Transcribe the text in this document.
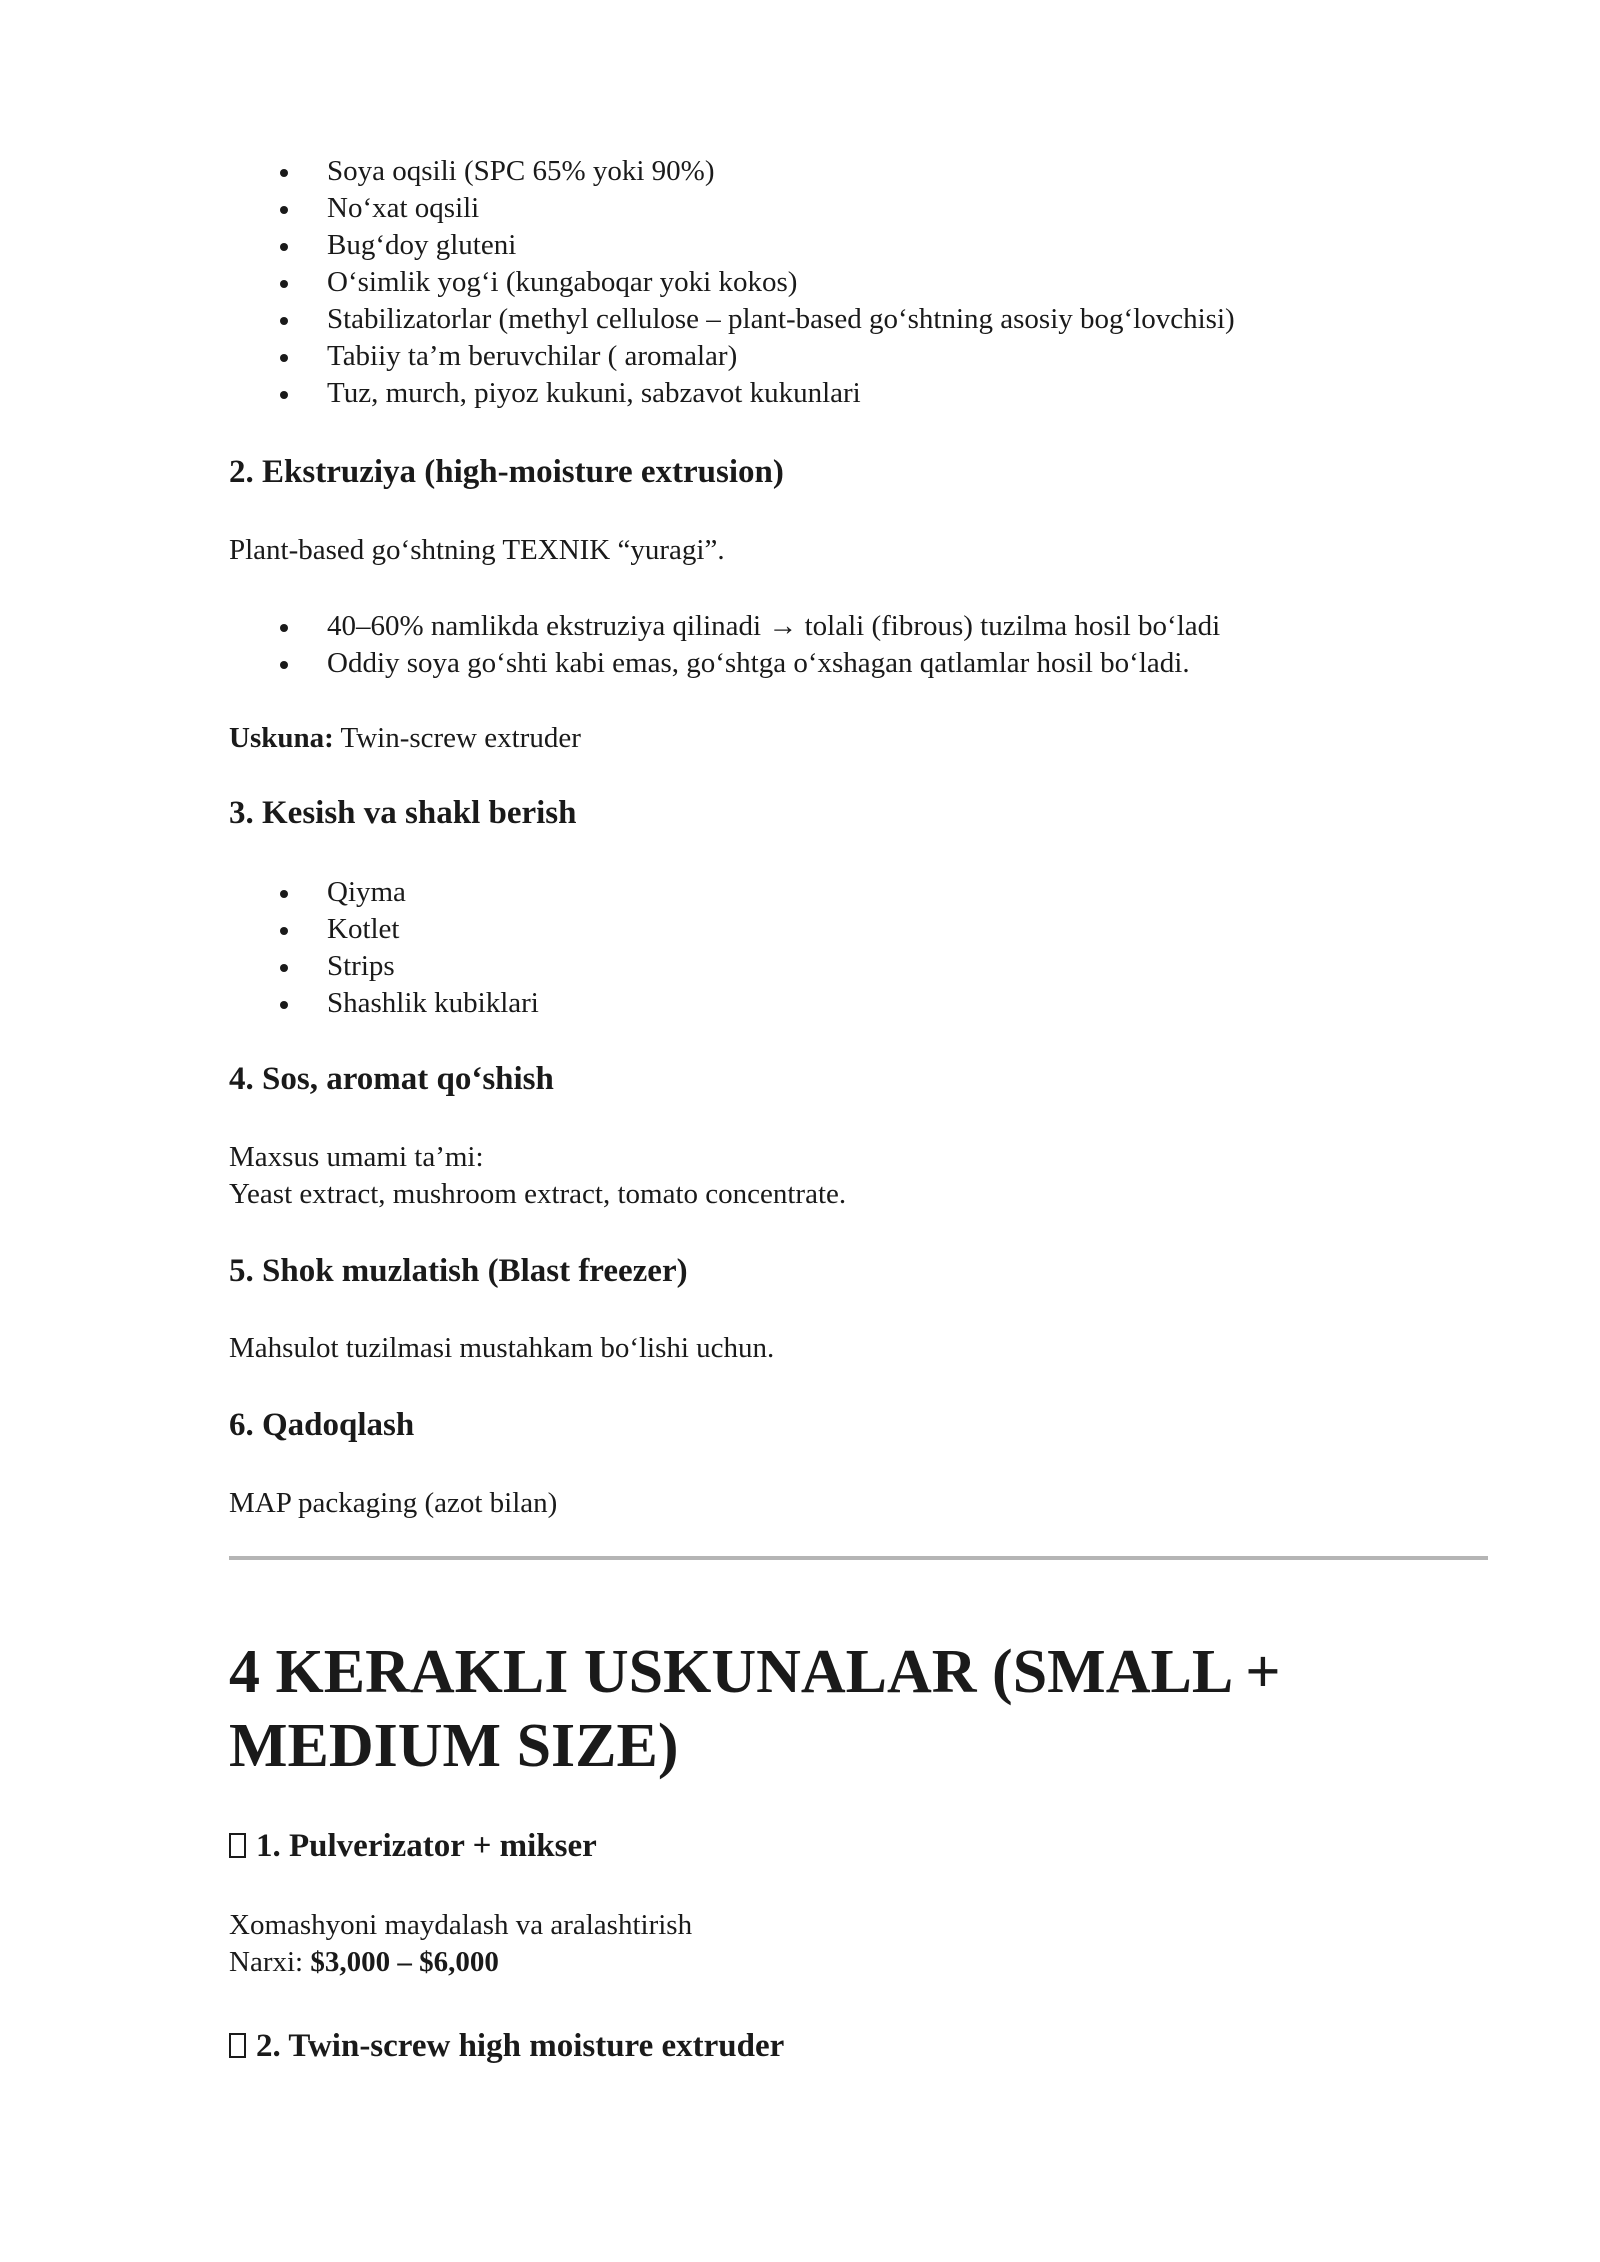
Soya oqsili (SPC 65% yoki 90%)
No‘xat oqsili
Bug‘doy gluteni
O‘simlik yog‘i (kungaboqar yoki kokos)
Stabilizatorlar (methyl cellulose – plant-based go‘shtning asosiy bog‘lovchisi)
Tabiiy ta’m beruvchilar ( aromalar)
Tuz, murch, piyoz kukuni, sabzavot kukunlari
2. Ekstruziya (high-moisture extrusion)

Plant-based go‘shtning TEXNIK “yuragi”.

40–60% namlikda ekstruziya qilinadi → tolali (fibrous) tuzilma hosil bo‘ladi
Oddiy soya go‘shti kabi emas, go‘shtga o‘xshagan qatlamlar hosil bo‘ladi.

Uskuna: Twin-screw extruder

3. Kesish va shakl berish
Qiyma
Kotlet
Strips
Shashlik kubiklari
4. Sos, aromat qo‘shish

Maxsus umami ta’mi:

Yeast extract, mushroom extract, tomato concentrate.

5. Shok muzlatish (Blast freezer)

Mahsulot tuzilmasi mustahkam bo‘lishi uchun.

6. Qadoqlash

MAP packaging (azot bilan)

4 KERAKLI USKUNALAR (SMALL + MEDIUM SIZE)
1. Pulverizator + mikser

Xomashyoni maydalash va aralashtirish

Narxi: $3,000 – $6,000

2. Twin-screw high moisture extruder
